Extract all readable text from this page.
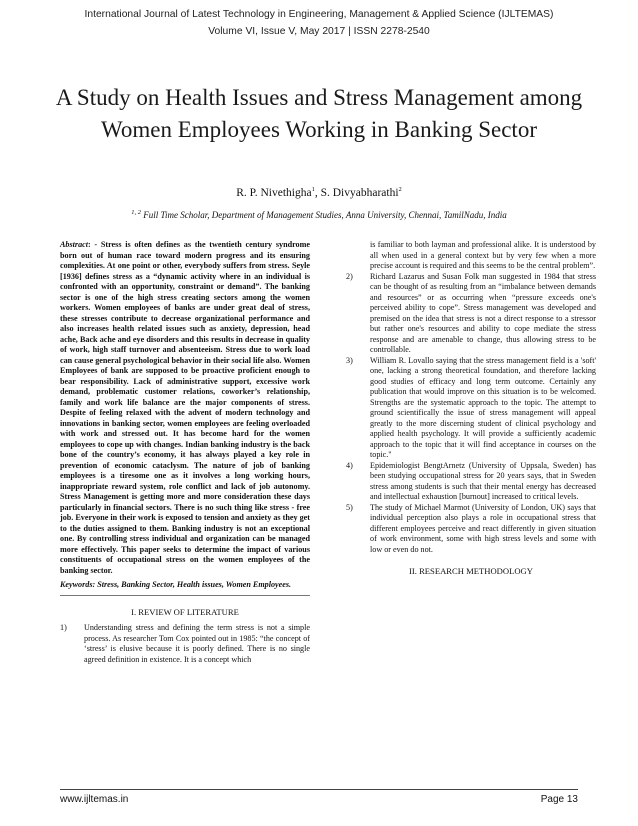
International Journal of Latest Technology in Engineering, Management & Applied Science (IJLTEMAS)
Volume VI, Issue V, May 2017 | ISSN 2278-2540
A Study on Health Issues and Stress Management among Women Employees Working in Banking Sector
R. P. Nivethigha$^1$, S. Divyabharathi$^2$
$^{1, 2}$ Full Time Scholar, Department of Management Studies, Anna University, Chennai, TamilNadu, India

Abstract: - Stress is often defines as the twentieth century syndrome born out of human race toward modern progress and its ensuring complexities. At one point or other, everybody suffers from stress. Seyle [1936] defines stress as a “dynamic activity where in an individual is confronted with an opportunity, constraint or demand”. The banking sector is one of the high stress creating sectors among the women workers. Women employees of banks are under great deal of stress, these stresses contribute to decrease organizational performance and also increases health related issues such as anxiety, depression, head ache, Back ache and eye disorders and this results in decrease in quality of work, high staff turnover and absenteeism. Stress due to work load can cause general psychological behavior in their social life also. Women Employees of bank are supposed to be proactive proficient enough to bear responsibility. Lack of administrative support, excessive work demand, problematic customer relations, coworker’s relationship, family and work life balance are the major components of stress. Despite of feeling relaxed with the advent of modern technology and innovations in banking sector, women employees are feeling overloaded with work and stressed out. It has become hard for the women employees to cope up with changes. Indian banking industry is the back bone of the country’s economy, it has always played a key role in prevention of economic cataclysm. The nature of job of banking employees is a tiresome one as it involves a long working hours, inappropriate reward system, role conflict and lack of job autonomy. Stress Management is getting more and more consideration these days particularly in financial sectors. There is no such thing like stress - free job. Everyone in their work is exposed to tension and anxiety as they get to the duties assigned to them. Banking industry is not an exceptional one. By controlling stress individual and organization can be managed more effectively. This paper seeks to determine the impact of various constituents of occupational stress on the women employees of the banking sector.

Keywords: Stress, Banking Sector, Health issues, Women Employees.

I. REVIEW OF LITERATURE
1)	Understanding stress and defining the term stress is not a simple process. As researcher Tom Cox pointed out in 1985: “the concept of ‘stress’ is elusive because it is poorly defined. There is no single agreed definition in existence. It is a concept which

is familiar to both layman and professional alike. It is understood by all when used in a general context but by very few when a more precise account is required and this seems to be the central problem”.

2)	Richard Lazarus and Susan Folk man suggested in 1984 that stress can be thought of as resulting from an “imbalance between demands and resources” or as occurring when “pressure exceeds one's perceived ability to cope”. Stress management was developed and premised on the idea that stress is not a direct response to a stressor but rather one's resources and ability to cope mediate the stress response and are amenable to change, thus allowing stress to be controllable.
3)	William R. Lovallo saying that the stress management field is a 'soft' one, lacking a strong theoretical foundation, and therefore lacking good studies of efficacy and long term outcome. Certainly any publication that would improve on this situation is to be welcomed. Strengths are the systematic approach to the topic. The attempt to ground scientifically the issue of stress management will appeal greatly to the more discerning student of clinical psychology and applied health psychology. It will provide a sufficiently academic approach to the topic that it will find acceptance in courses on the topic."
4)	Epidemiologist BengtArnetz (University of Uppsala, Sweden) has been studying occupational stress for 20 years says, that in Sweden stress among students is such that their mental energy has decreased and intellectual exhaustion [burnout] increased to critical levels.
5)	The study of Michael Marmot (University of London, UK) says that individual perception also plays a role in occupational stress that different employees perceive and react differently in given situation of work environment, some with high stress levels and some with low or even do not.
II. RESEARCH METHODOLOGY
www.ijltemas.in	Page 13
